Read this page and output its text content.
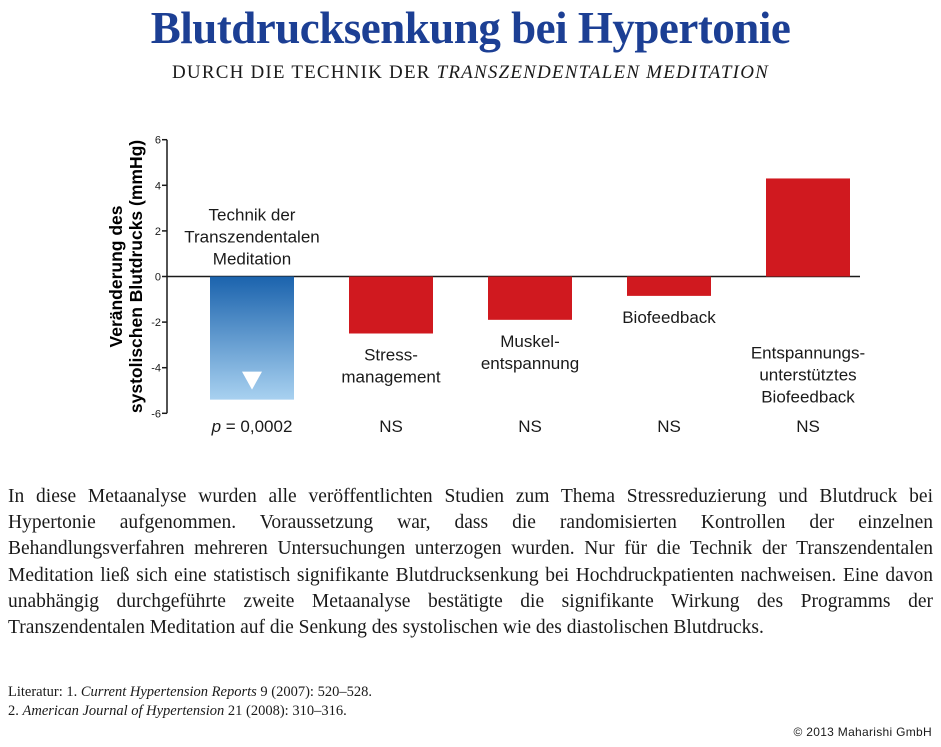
Blutdrucksenkung bei Hypertonie
DURCH DIE TECHNIK DER TRANSZENDENTALEN MEDITATION
6
4
2
0
-2
-4
-6
Veränderung dessystolischen Blutdrucks (mmHg)	Technik der Transzendentalen Meditation
Stress-management
Muskel-entspannung
Biofeedback
Entspannungs-unterstütztes Biofeedback
p = 0,0002	NS	NS	NS	NS

In diese Metaanalyse wurden alle veröffentlichten Studien zum Thema Stressreduzierung und Blutdruck bei Hypertonie aufgenommen. Voraussetzung war, dass die randomisierten Kontrollen der einzelnen Behandlungsverfahren mehreren Untersuchungen unterzogen wurden. Nur für die Technik der Transzendentalen Meditation ließ sich eine statistisch signifikante Blutdrucksenkung bei Hochdruckpatienten nachweisen. Eine davon unabhängig durchgeführte zweite Metaanalyse bestätigte die signifikante Wirkung des Programms der Transzendentalen Meditation auf die Senkung des systolischen wie des diastolischen Blutdrucks.

Literatur: 1. Current Hypertension Reports 9 (2007): 520–528.
2. American Journal of Hypertension 21 (2008): 310–316.
© 2013 Maharishi GmbH
